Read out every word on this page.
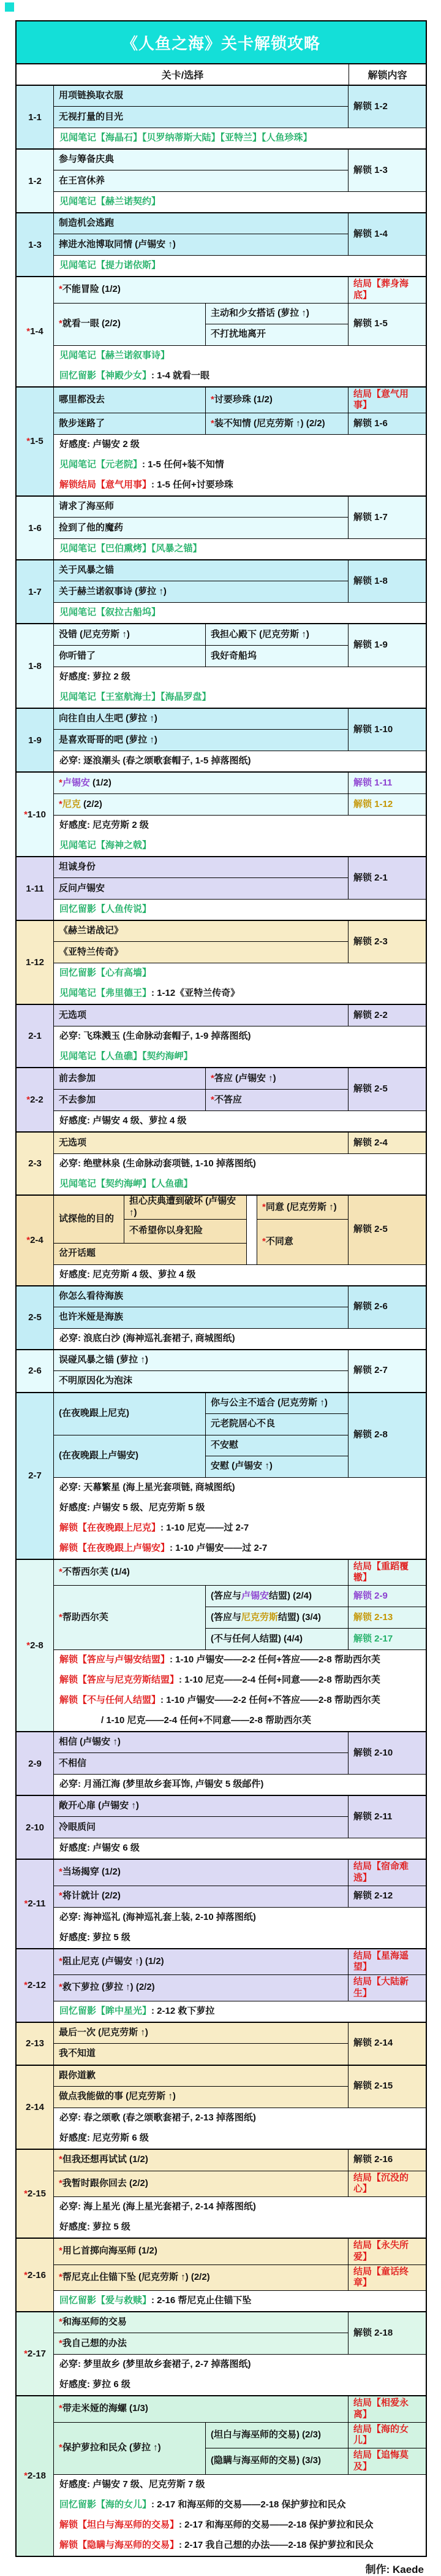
《人鱼之海》关卡解锁攻略
关卡/选择	解锁内容
1-1
用项链换取衣服
无视打量的目光
解锁 1-2
见闻笔记【海晶石】【贝罗纳蒂斯大陆】【亚特兰】【人鱼珍珠】
1-2
参与筹备庆典
在王宫休养
解锁 1-3
见闻笔记【赫兰诺契约】
1-3
制造机会逃跑
摔进水池博取同情 (卢锡安 ↑)
解锁 1-4
见闻笔记【提力诺依斯】
* 1-4
* 不能冒险 (1/2)
结局【葬身海底】
* 就看一眼 (2/2)
主动和少女搭话 (萝拉 ↑)
不打扰地离开
解锁 1-5
见闻笔记【赫兰诺叙事诗】
回忆留影【神殿少女】 : 1-4 就看一眼
* 1-5
哪里都没去	* 讨要珍珠 (1/2)
结局【意气用事】
散步迷路了	* 装不知情 (尼克劳斯 ↑) (2/2)	解锁 1-6
好感度: 卢锡安 2 级
见闻笔记【元老院】 : 1-5 任何+装不知情
解锁结局【意气用事】 : 1-5 任何+讨要珍珠
1-6
请求了海巫师
捡到了他的魔药
解锁 1-7
见闻笔记【巴伯熏烤】【风暴之锚】
1-7
关于风暴之锚
关于赫兰诺叙事诗 (萝拉 ↑)
解锁 1-8
见闻笔记【叙拉古船坞】
1-8
没错 (尼克劳斯 ↑)	我担心殿下 (尼克劳斯 ↑)
你听错了	我好奇船坞
解锁 1-9
好感度: 萝拉 2 级
见闻笔记【王室航海士】【海晶罗盘】
1-9
向往自由人生吧 (萝拉 ↑)
是喜欢哥哥的吧 (萝拉 ↑)
解锁 1-10
必穿: 逐浪潮头 (春之颂歌套帽子, 1-5 掉落图纸)
* 1-10
* 卢锡安 (1/2)	解锁 1-11
* 尼克 (2/2)	解锁 1-12
好感度: 尼克劳斯 2 级
见闻笔记【海神之戟】
1-11
坦诚身份
反问卢锡安
解锁 2-1
回忆留影【人鱼传说】
1-12
《赫兰诺战记》
《亚特兰传奇》
解锁 2-3
回忆留影【心有高墙】
见闻笔记【弗里德王】 : 1-12《亚特兰传奇》
2-1
无选项	解锁 2-2
必穿: 飞珠溅玉 (生命脉动套帽子, 1-9 掉落图纸)
见闻笔记【人鱼礁】【契约海岬】
* 2-2
前去参加	* 答应 (卢锡安 ↑)
不去参加	* 不答应
解锁 2-5
好感度: 卢锡安 4 级、萝拉 4 级
2-3
无选项	解锁 2-4
必穿: 绝壁林泉 (生命脉动套项链, 1-10 掉落图纸)
见闻笔记【契约海岬】【人鱼礁】
* 2-4
试探他的目的
担心庆典遭到破坏 (卢锡安 ↑)
不希望你以身犯险
岔开话题
* 同意 (尼克劳斯 ↑)
* 不同意
解锁 2-5
好感度: 尼克劳斯 4 级、萝拉 4 级
2-5
你怎么看待海族
也许米娅是海族
解锁 2-6
必穿: 浪底白沙 (海神巡礼套裙子, 商城图纸)
2-6
误碰风暴之锚 (萝拉 ↑)
不明原因化为泡沫
解锁 2-7
2-7
(在夜晚跟上尼克)
你与公主不适合 (尼克劳斯 ↑)
元老院居心不良
(在夜晚跟上卢锡安)
不安慰
安慰 (卢锡安 ↑)
解锁 2-8
必穿: 天幕繁星 (海上星光套项链, 商城图纸)
好感度: 卢锡安 5 级、尼克劳斯 5 级
解锁【在夜晚跟上尼克】 : 1-10 尼克——过 2-7
解锁【在夜晚跟上卢锡安】 : 1-10 卢锡安——过 2-7
* 2-8
* 不帮西尔芙 (1/4)
结局【重蹈覆辙】
* 帮助西尔芙
(答应与 卢锡安 结盟) (2/4)	解锁 2-9
(答应与 尼克劳斯 结盟) (3/4)	解锁 2-13
(不与任何人结盟) (4/4)	解锁 2-17
解锁【答应与卢锡安结盟】 : 1-10 卢锡安——2-2 任何+答应——2-8 帮助西尔芙
解锁【答应与尼克劳斯结盟】 : 1-10 尼克——2-4 任何+同意——2-8 帮助西尔芙
解锁【不与任何人结盟】 : 1-10 卢锡安——2-2 任何+不答应——2-8 帮助西尔芙
/ 1-10 尼克——2-4 任何+不同意——2-8 帮助西尔芙
2-9
相信 (卢锡安 ↑)
不相信
解锁 2-10
必穿: 月涌江海 (梦里故乡套耳饰, 卢锡安 5 级邮件)
2-10
敞开心扉 (卢锡安 ↑)
冷眼质问
解锁 2-11
好感度: 卢锡安 6 级
* 2-11
* 当场揭穿 (1/2)
结局【宿命难逃】
* 将计就计 (2/2)	解锁 2-12
必穿: 海神巡礼 (海神巡礼套上装, 2-10 掉落图纸)
好感度: 萝拉 5 级
* 2-12
* 阻止尼克 (卢锡安 ↑) (1/2)
结局【星海遥望】
* 救下萝拉 (萝拉 ↑) (2/2)
结局【大陆新生】
回忆留影【眸中星光】 : 2-12 救下萝拉
2-13
最后一次 (尼克劳斯 ↑)
我不知道
解锁 2-14
2-14
跟你道歉
做点我能做的事 (尼克劳斯 ↑)
解锁 2-15
必穿: 春之颂歌 (春之颂歌套裙子, 2-13 掉落图纸)
好感度: 尼克劳斯 6 级
* 2-15
* 但我还想再试试 (1/2)	解锁 2-16
* 我暂时跟你回去 (2/2)
结局【沉没的心】
必穿: 海上星光 (海上星光套裙子, 2-14 掉落图纸)
好感度: 萝拉 5 级
* 2-16
* 用匕首掷向海巫师 (1/2)
结局【永失所爱】
* 帮尼克止住锚下坠 (尼克劳斯 ↑) (2/2)
结局【童话终章】
回忆留影【爱与救赎】 : 2-16 帮尼克止住锚下坠
* 2-17
* 和海巫师的交易
* 我自己想的办法
解锁 2-18
必穿: 梦里故乡 (梦里故乡套裙子, 2-7 掉落图纸)
好感度: 萝拉 6 级
* 2-18
* 带走米娅的海螺 (1/3)
结局【相爱永离】
* 保护萝拉和民众 (萝拉 ↑)
(坦白与海巫师的交易) (2/3)
结局【海的女儿】
(隐瞒与海巫师的交易) (3/3)
结局【追悔莫及】
好感度: 卢锡安 7 级、尼克劳斯 7 级
回忆留影【海的女儿】 : 2-17 和海巫师的交易——2-18 保护萝拉和民众
解锁【坦白与海巫师的交易】 : 2-17 和海巫师的交易——2-18 保护萝拉和民众
解锁【隐瞒与海巫师的交易】 : 2-17 我自己想的办法——2-18 保护萝拉和民众
制作: Kaede
